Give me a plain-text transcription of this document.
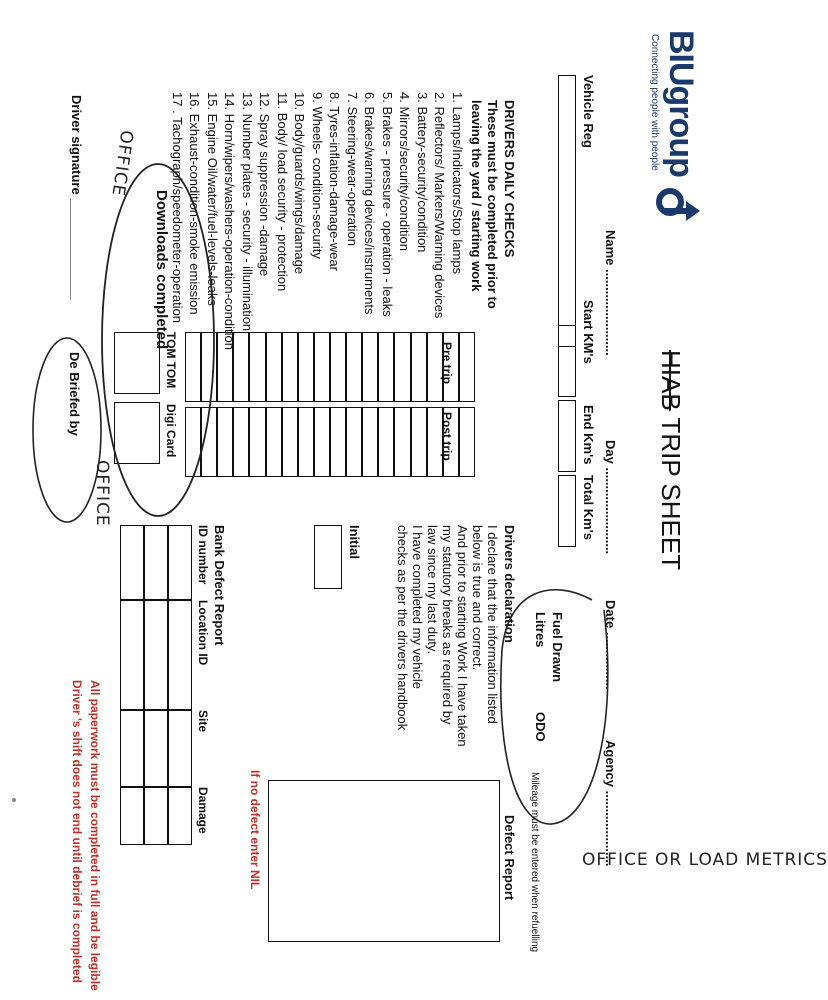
BIUgroup
Connecting people with people
HIAB TRIP SHEET
Name ........................
Day ........................
Date ................
Agency .....................
Vehicle Reg
Start KM's
End Km's
Total Km's
DRIVERS DAILY CHECKS
These must be completed prior to
leaving the yard / starting work
1. Lamps/Indicators/Stop lamps
2. Reflectors/ Markers/Warning devices
3. Battery-security/condition
4. Mirrors/security/condition
5. Brakes - pressure - operation - leaks
6. Brakes/warning devices/instruments
7. Steering-wear-operation
8. Tyres-inflation-damage-wear
9. Wheels- condition-security
10. Body/guards/wings/damage
11. Body/ load security - protection
12. Spray suppression -damage
13. Number plates - security - illumination
14. Horn/wipers/washers-operation-condition
15. Engine Oil/water/fuel-levels-leaks
16. Exhaust-condition-smoke emission
17 . Tachograph/speedometer-operation
Pre trip
Post trip
Downloads completed
TOM TOM
Digi Card
Driver signature ______________
De Briefed by
OFFICE
OFFICE
Drivers declaration
I declare that the information listed
below is true and correct.
And prior to starting Work I have taken
my statutory breaks as required by
law since my last duty.
I have completed my vehicle
checks as per the drivers handbook
Initial
Fuel Drawn
Litres
ODO
Mileage must be entered when refuelling
Defect Report
If no defect enter NIL	OFFICE OR LOAD METRICS
Bank Defect Report
ID number
Location ID
Site
Damage
All paperwork must be completed in full and be legible
Driver 's shift does not end until debrief is completed
